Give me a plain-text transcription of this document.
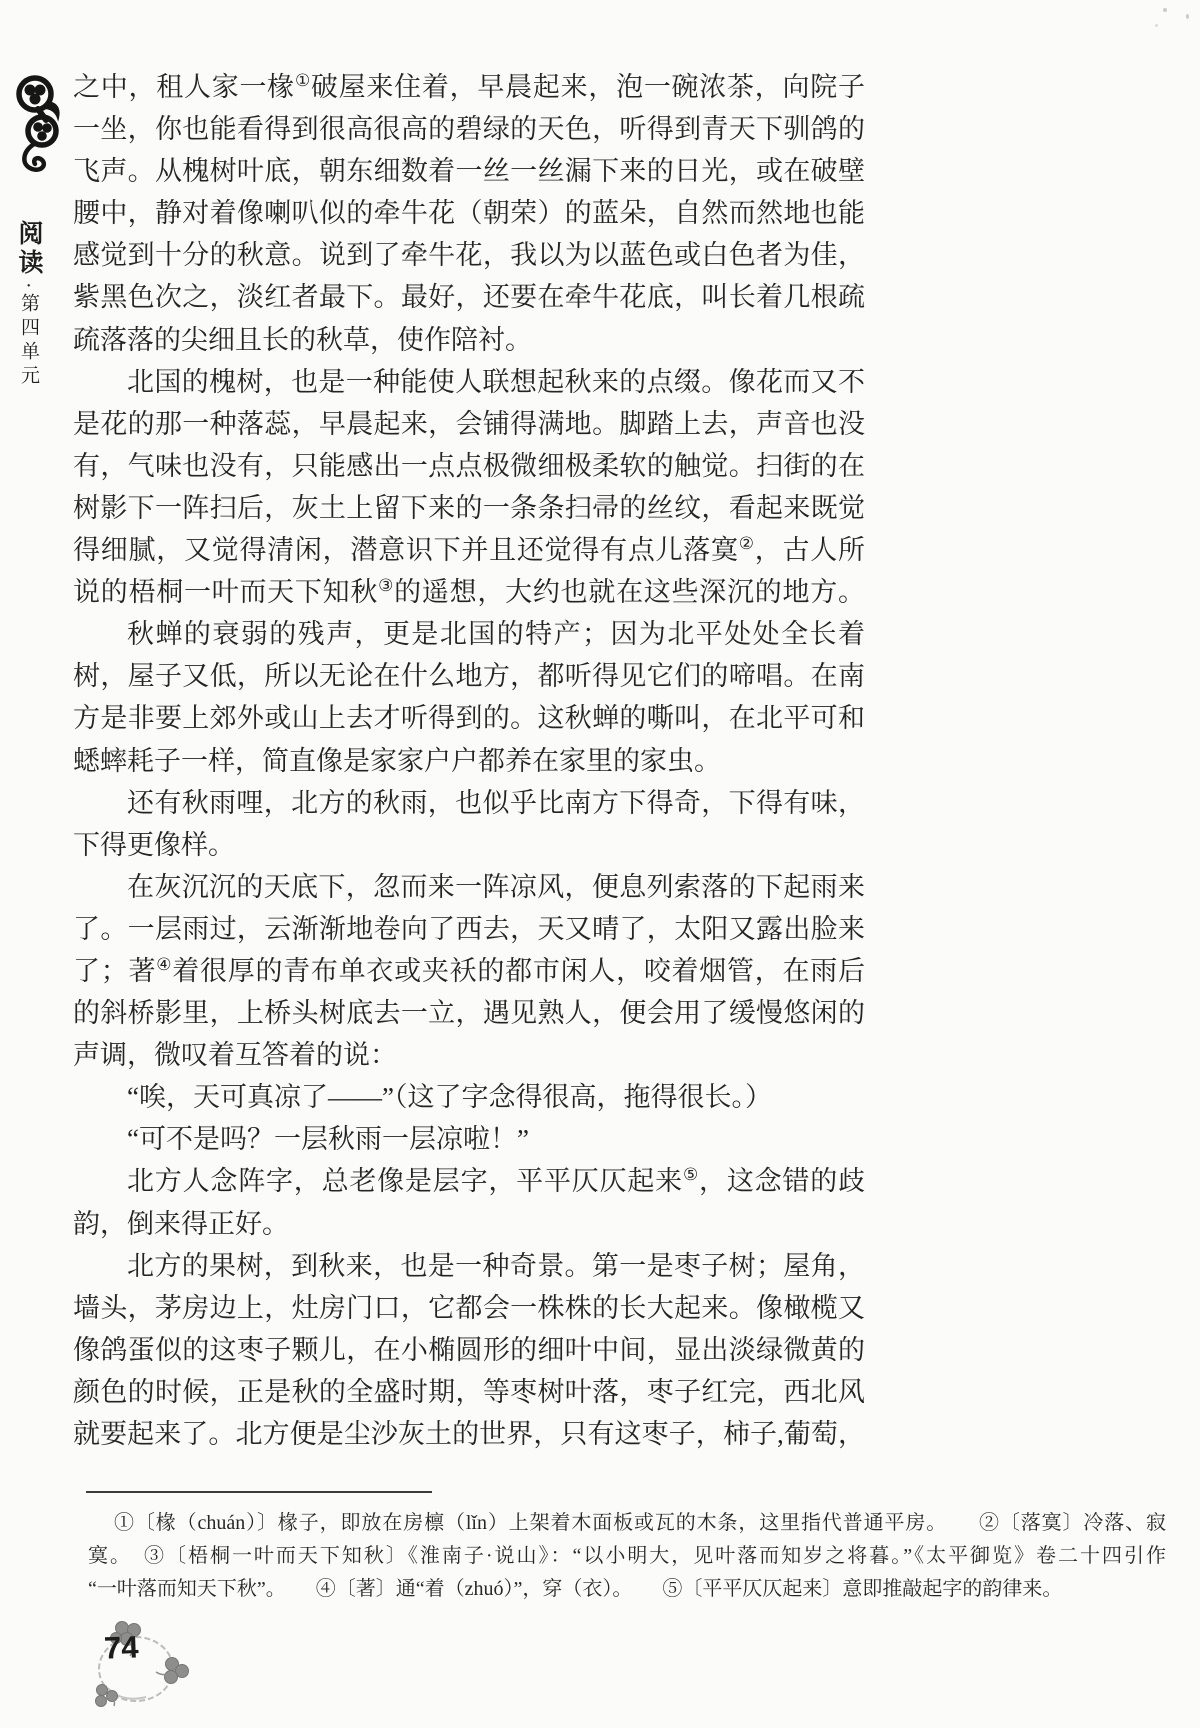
阅读·第四单元
之中，租人家一椽①破屋来住着，早晨起来，泡一碗浓茶，向院子
一坐，你也能看得到很高很高的碧绿的天色，听得到青天下驯鸽的
飞声。从槐树叶底，朝东细数着一丝一丝漏下来的日光，或在破壁
腰中，静对着像喇叭似的牵牛花（朝荣）的蓝朵，自然而然地也能
感觉到十分的秋意。说到了牵牛花，我以为以蓝色或白色者为佳，
紫黑色次之，淡红者最下。最好，还要在牵牛花底，叫长着几根疏
疏落落的尖细且长的秋草，使作陪衬。
北国的槐树，也是一种能使人联想起秋来的点缀。像花而又不
是花的那一种落蕊，早晨起来，会铺得满地。脚踏上去，声音也没
有，气味也没有，只能感出一点点极微细极柔软的触觉。扫街的在
树影下一阵扫后，灰土上留下来的一条条扫帚的丝纹，看起来既觉
得细腻，又觉得清闲，潜意识下并且还觉得有点儿落寞②，古人所
说的梧桐一叶而天下知秋③的遥想，大约也就在这些深沉的地方。
秋蝉的衰弱的残声，更是北国的特产；因为北平处处全长着
树，屋子又低，所以无论在什么地方，都听得见它们的啼唱。在南
方是非要上郊外或山上去才听得到的。这秋蝉的嘶叫，在北平可和
蟋蟀耗子一样，简直像是家家户户都养在家里的家虫。
还有秋雨哩，北方的秋雨，也似乎比南方下得奇，下得有味，
下得更像样。
在灰沉沉的天底下，忽而来一阵凉风，便息列索落的下起雨来
了。一层雨过，云渐渐地卷向了西去，天又晴了，太阳又露出脸来
了；著④着很厚的青布单衣或夹袄的都市闲人，咬着烟管，在雨后
的斜桥影里，上桥头树底去一立，遇见熟人，便会用了缓慢悠闲的
声调，微叹着互答着的说：
“唉，天可真凉了——”（这了字念得很高，拖得很长。）
“可不是吗？一层秋雨一层凉啦！”
北方人念阵字，总老像是层字，平平仄仄起来⑤，这念错的歧
韵，倒来得正好。
北方的果树，到秋来，也是一种奇景。第一是枣子树；屋角，
墙头，茅房边上，灶房门口，它都会一株株的长大起来。像橄榄又
像鸽蛋似的这枣子颗儿，在小椭圆形的细叶中间，显出淡绿微黄的
颜色的时候，正是秋的全盛时期，等枣树叶落，枣子红完，西北风
就要起来了。北方便是尘沙灰土的世界，只有这枣子，柿子,葡萄，
①〔椽（chuán）〕椽子，即放在房檩（lǐn）上架着木面板或瓦的木条，这里指代普通平房。　　②〔落寞〕冷落、寂
寞。　③〔梧桐一叶而天下知秋〕《淮南子·说山》：“以小明大，见叶落而知岁之将暮。”《太平御览》卷二十四引作
“一叶落而知天下秋”。　　④〔著〕通“着（zhuó）”，穿（衣）。　　⑤〔平平仄仄起来〕意即推敲起字的韵律来。
74
